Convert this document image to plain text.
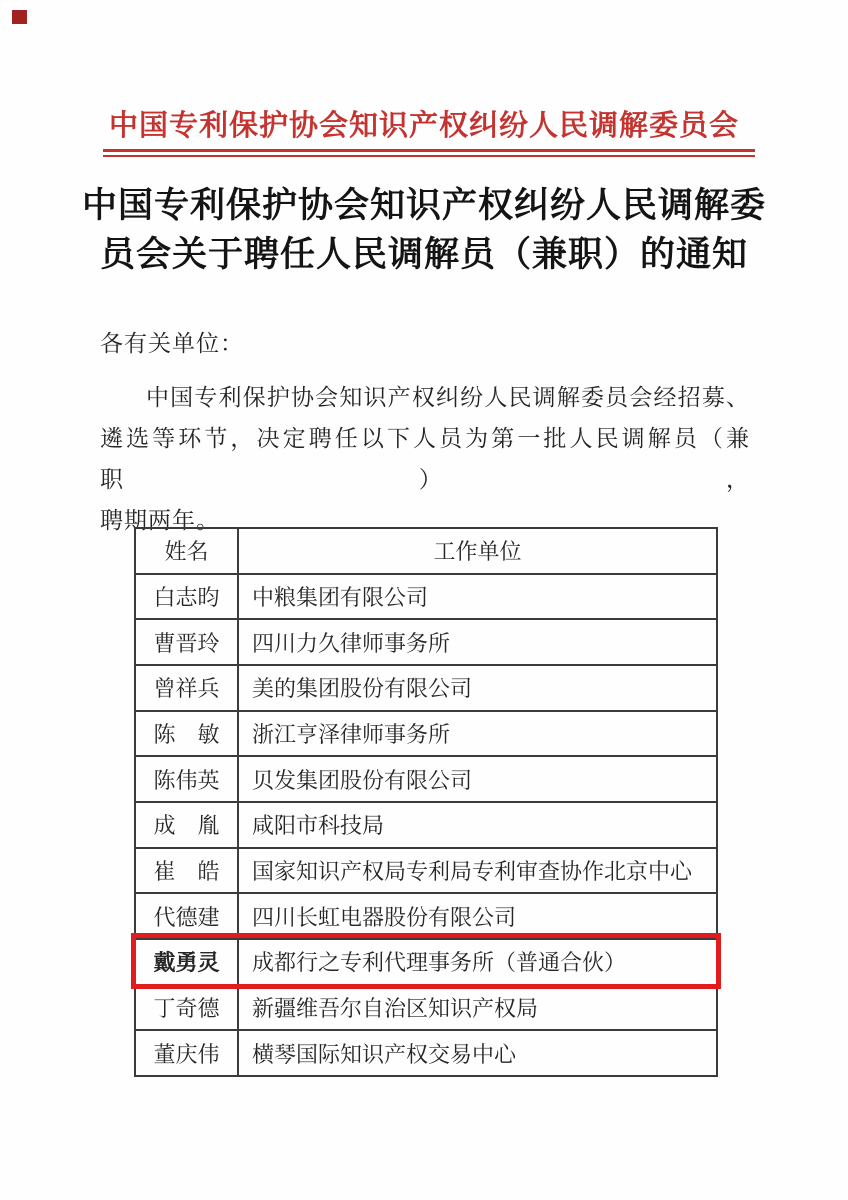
中国专利保护协会知识产权纠纷人民调解委员会
中国专利保护协会知识产权纠纷人民调解委
员会关于聘任人民调解员（兼职）的通知
各有关单位：
中国专利保护协会知识产权纠纷人民调解委员会经招募、
遴选等环节，决定聘任以下人员为第一批人民调解员（兼职），
聘期两年。
姓名	工作单位
白志昀	中粮集团有限公司
曹晋玲	四川力久律师事务所
曾祥兵	美的集团股份有限公司
陈　敏	浙江亨泽律师事务所
陈伟英	贝发集团股份有限公司
成　胤	咸阳市科技局
崔　皓	国家知识产权局专利局专利审查协作北京中心
代德建	四川长虹电器股份有限公司
戴勇灵	成都行之专利代理事务所（普通合伙）
丁奇德	新疆维吾尔自治区知识产权局
董庆伟	横琴国际知识产权交易中心
